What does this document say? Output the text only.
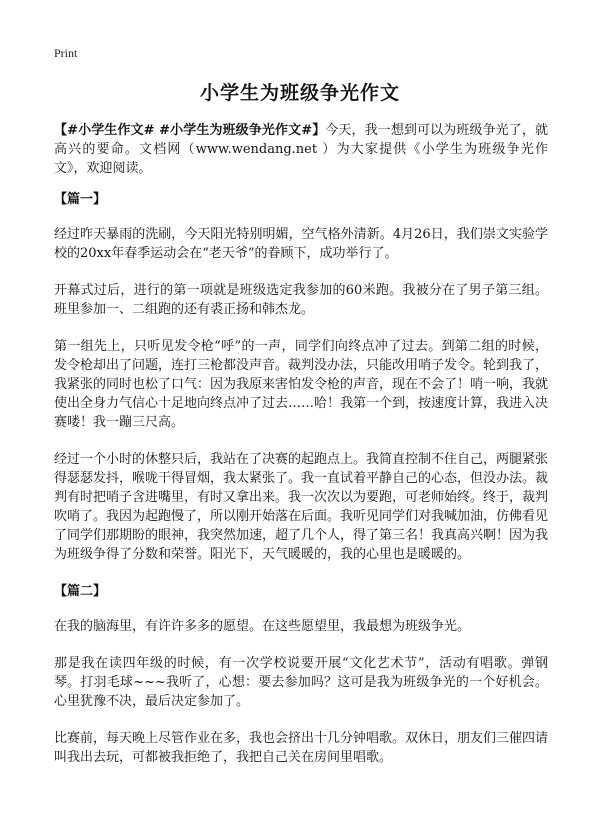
Print
小学生为班级争光作文

【#小学生作文# #小学生为班级争光作文#】今天，我一想到可以为班级争光了，就高兴的要命。文档网（www.wendang.net ）为大家提供《小学生为班级争光作文》，欢迎阅读。

【篇一】

经过昨天暴雨的洗刷，今天阳光特别明媚，空气格外清新。4月26日，我们崇文实验学校的20xx年春季运动会在“老天爷”的眷顾下，成功举行了。

开幕式过后，进行的第一项就是班级选定我参加的60米跑。我被分在了男子第三组。班里参加一、二组跑的还有裘正扬和韩杰龙。

第一组先上，只听见发令枪“呼”的一声，同学们向终点冲了过去。到第二组的时候，发令枪却出了问题，连打三枪都没声音。裁判没办法，只能改用哨子发令。轮到我了，我紧张的同时也松了口气：因为我原来害怕发令枪的声音，现在不会了！哨一响，我就使出全身力气信心十足地向终点冲了过去……哈！我第一个到，按速度计算，我进入决赛喽！我一蹦三尺高。

经过一个小时的休整只后，我站在了决赛的起跑点上。我简直控制不住自己，两腿紧张得瑟瑟发抖，喉咙干得冒烟，我太紧张了。我一直试着平静自己的心态，但没办法。裁判有时把哨子含进嘴里，有时又拿出来。我一次次以为要跑，可老师始终。终于，裁判吹哨了。我因为起跑慢了，所以刚开始落在后面。我听见同学们对我喊加油，仿佛看见了同学们那期盼的眼神，我突然加速，超了几个人，得了第三名！我真高兴啊！因为我为班级争得了分数和荣誉。阳光下，天气暖暖的，我的心里也是暖暖的。

【篇二】

在我的脑海里，有许许多多的愿望。在这些愿望里，我最想为班级争光。

那是我在读四年级的时候，有一次学校说要开展“文化艺术节”，活动有唱歌。弹钢琴。打羽毛球~~~我听了，心想：要去参加吗？这可是我为班级争光的一个好机会。心里犹豫不决，最后决定参加了。

比赛前，每天晚上尽管作业在多，我也会挤出十几分钟唱歌。双休日，朋友们三催四请叫我出去玩，可都被我拒绝了，我把自己关在房间里唱歌。
